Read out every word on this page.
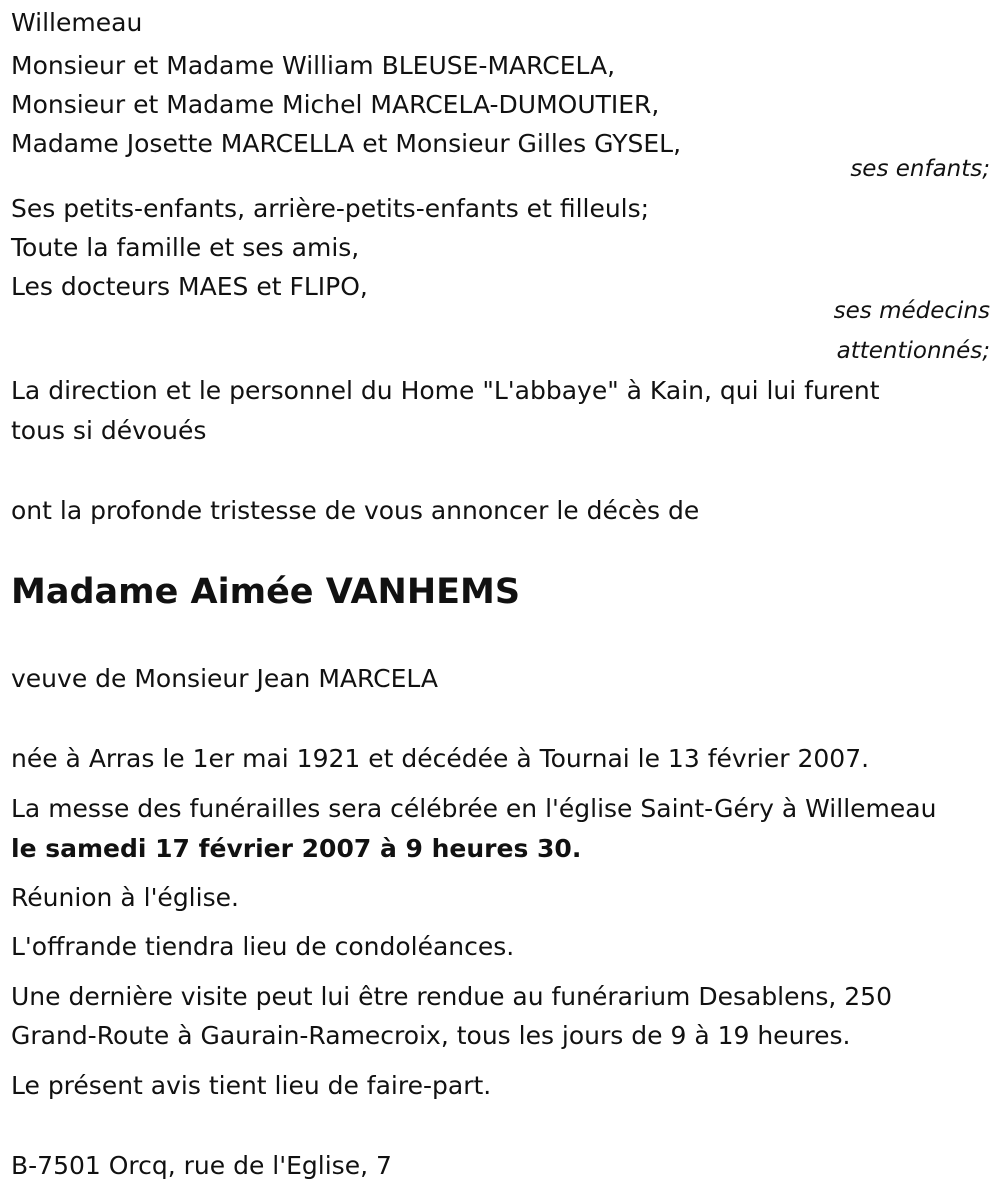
Willemeau
Monsieur et Madame William BLEUSE-MARCELA,
Monsieur et Madame Michel MARCELA-DUMOUTIER,
Madame Josette MARCELLA et Monsieur Gilles GYSEL,
ses enfants;
Ses petits-enfants, arrière-petits-enfants et filleuls;
Toute la famille et ses amis,
Les docteurs MAES et FLIPO,
ses médecins
attentionnés;
La direction et le personnel du Home "L'abbaye" à Kain, qui lui furent
tous si dévoués
ont la profonde tristesse de vous annoncer le décès de
Madame Aimée VANHEMS
veuve de Monsieur Jean MARCELA
née à Arras le 1er mai 1921 et décédée à Tournai le 13 février 2007.
La messe des funérailles sera célébrée en l'église Saint-Géry à Willemeau
le samedi 17 février 2007 à 9 heures 30.
Réunion à l'église.
L'offrande tiendra lieu de condoléances.
Une dernière visite peut lui être rendue au funérarium Desablens, 250
Grand-Route à Gaurain-Ramecroix, tous les jours de 9 à 19 heures.
Le présent avis tient lieu de faire-part.
B-7501 Orcq, rue de l'Eglise, 7
